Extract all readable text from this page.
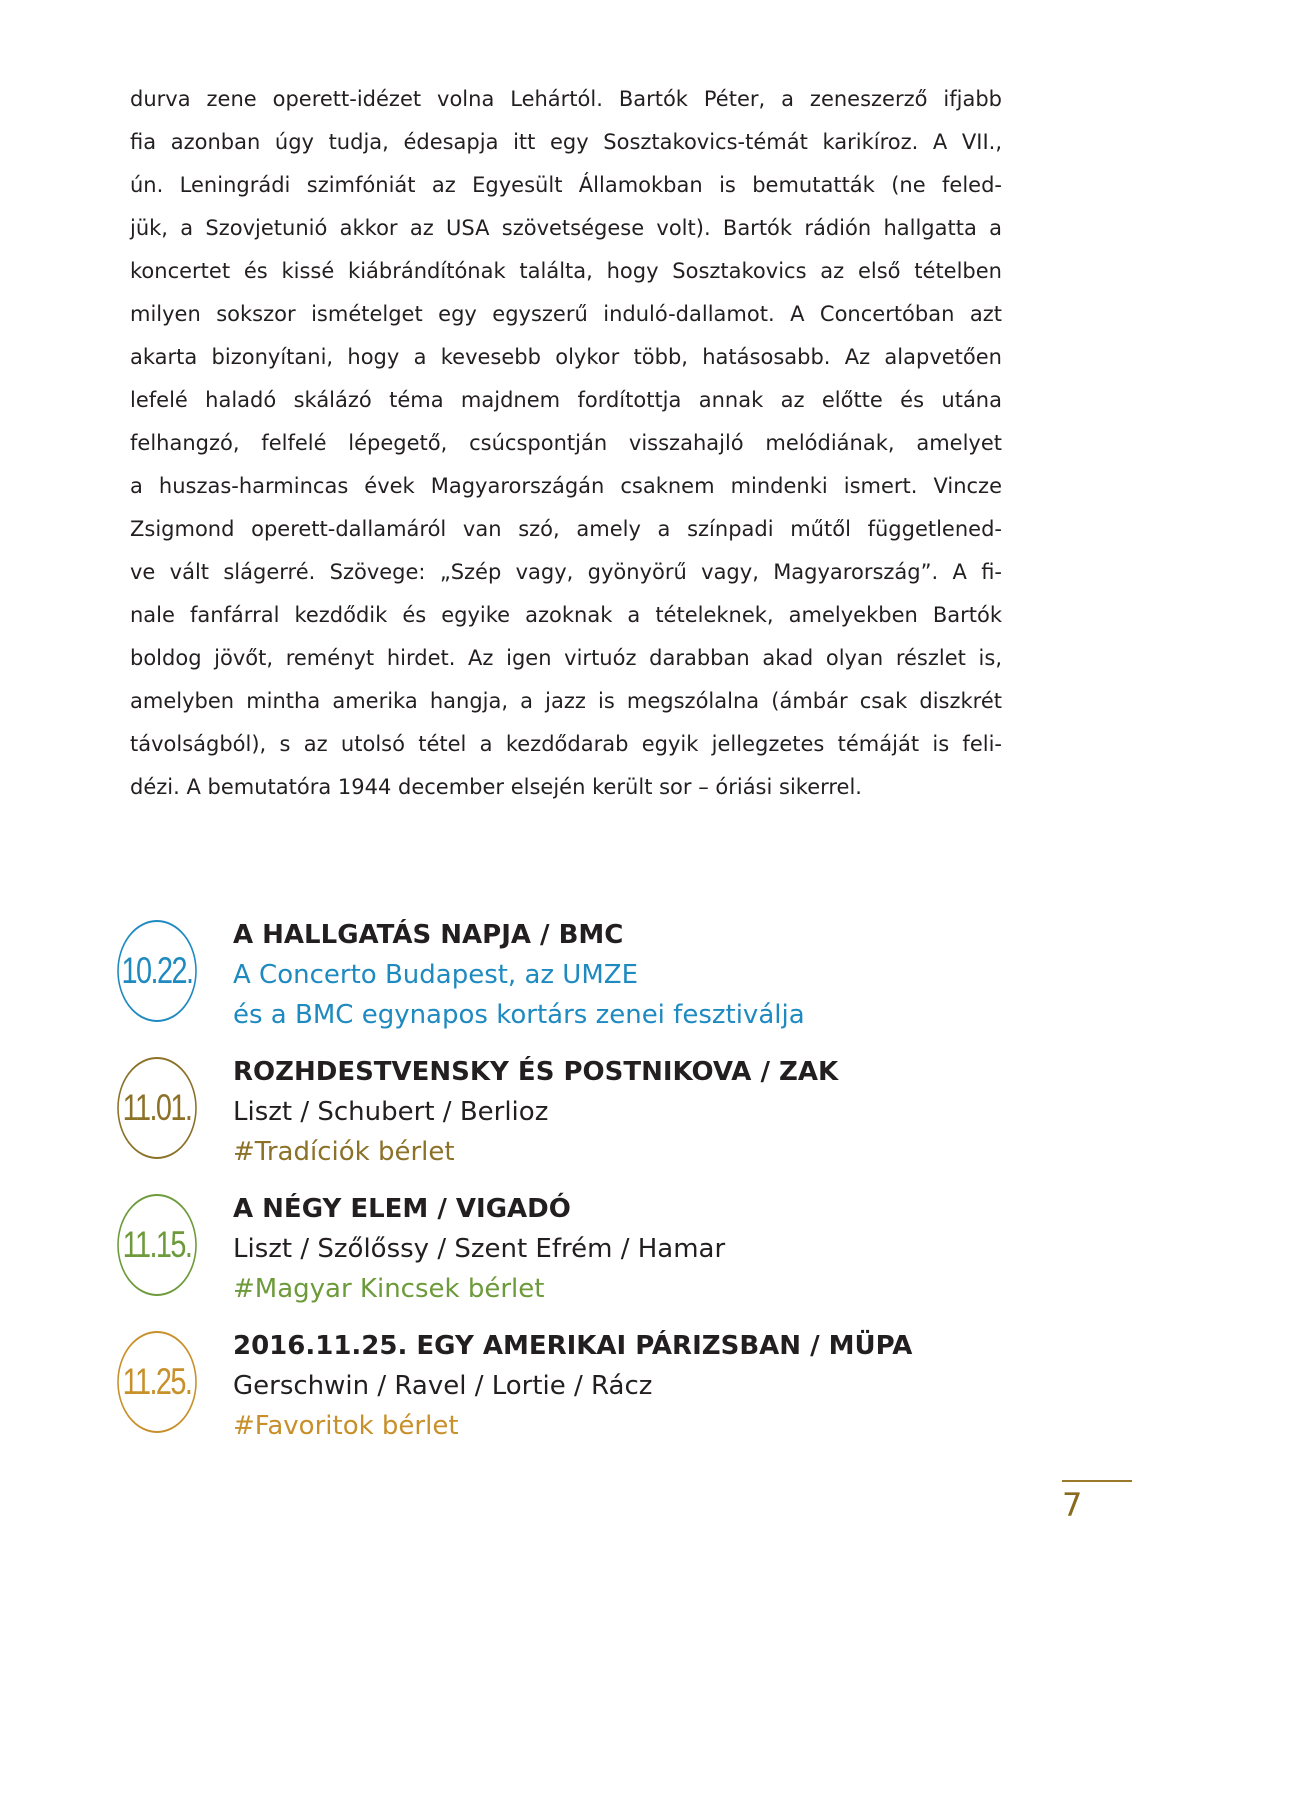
durva zene operett-idézet volna Lehártól. Bartók Péter, a zeneszerző ifjabb
fia azonban úgy tudja, édesapja itt egy Sosztakovics-témát karikíroz. A VII.,
ún. Leningrádi szimfóniát az Egyesült Államokban is bemutatták (ne feled-
jük, a Szovjetunió akkor az USA szövetségese volt). Bartók rádión hallgatta a
koncertet és kissé kiábrándítónak találta, hogy Sosztakovics az első tételben
milyen sokszor ismételget egy egyszerű induló-dallamot. A Concertóban azt
akarta bizonyítani, hogy a kevesebb olykor több, hatásosabb. Az alapvetően
lefelé haladó skálázó téma majdnem fordítottja annak az előtte és utána
felhangzó, felfelé lépegető, csúcspontján visszahajló melódiának, amelyet
a huszas-harmincas évek Magyarországán csaknem mindenki ismert. Vincze
Zsigmond operett-dallamáról van szó, amely a színpadi műtől függetlened-
ve vált slágerré. Szövege: „Szép vagy, gyönyörű vagy, Magyarország”. A fi-
nale fanfárral kezdődik és egyike azoknak a tételeknek, amelyekben Bartók
boldog jövőt, reményt hirdet. Az igen virtuóz darabban akad olyan részlet is,
amelyben mintha amerika hangja, a jazz is megszólalna (ámbár csak diszkrét
távolságból), s az utolsó tétel a kezdődarab egyik jellegzetes témáját is feli-
dézi. A bemutatóra 1944 december elsején került sor – óriási sikerrel.
10.22.
A HALLGATÁS NAPJA / BMC
A Concerto Budapest, az UMZE
és a BMC egynapos kortárs zenei fesztiválja
11.01.
ROZHDESTVENSKY ÉS POSTNIKOVA / ZAK
Liszt / Schubert / Berlioz
#Tradíciók bérlet
11.15.
A NÉGY ELEM / VIGADÓ
Liszt / Szőlőssy / Szent Efrém / Hamar
#Magyar Kincsek bérlet
11.25.
2016.11.25. EGY AMERIKAI PÁRIZSBAN / MÜPA
Gerschwin / Ravel / Lortie / Rácz
#Favoritok bérlet
7
